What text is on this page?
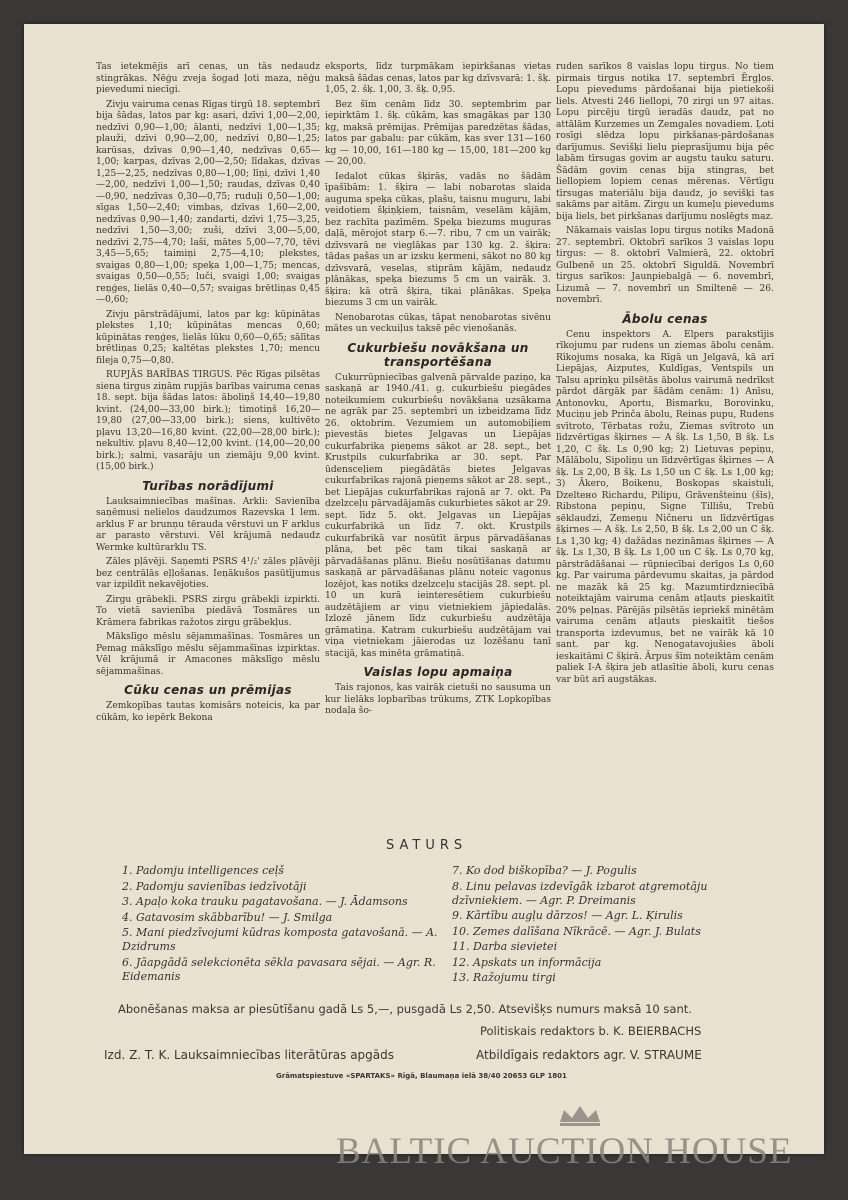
Tas ietekmējis arī cenas, un tās nedaudz stingrākas. Nēģu zveja šogad ļoti maza, nēģu pievedumi niecīgi.

Zivju vairuma cenas Rīgas tirgū 18. septembrī bija šādas, latos par kg: asari, dzīvi 1,00—2,00, nedzīvi 0,90—1,00; ālanti, nedzīvi 1,00—1,35; plauži, dzīvi 0,90—2,00, nedzīvi 0,80—1,25; karūsas, dzīvas 0,90—1,40, nedzīvas 0,65—1,00; karpas, dzīvas 2,00—2,50; līdakas, dzīvas 1,25—2,25, nedzīvas 0,80—1,00; līņi, dzīvi 1,40—2,00, nedzīvi 1,00—1,50; raudas, dzīvas 0,40—0,90, nedzīvas 0,30—0,75; ruduļi 0,50—1,00; sīgas 1,50—2,40; vimbas, dzīvas 1,60—2,00, nedzīvas 0,90—1,40; zandarti, dzīvi 1,75—3,25, nedzīvi 1,50—3,00; zuši, dzīvi 3,00—5,00, nedzīvi 2,75—4,70; laši, mātes 5,00—7,70, tēvi 3,45—5,65; taimiņi 2,75—4,10; plekstes, svaigas 0,80—1,00; speķa 1,00—1,75; mencas, svaigas 0,50—0,55; luči, svaigi 1,00; svaigas reņģes, lielās 0,40—0,57; svaigas brētliņas 0,45—0,60;

Zivju pārstrādājumi, latos par kg: kūpinātas plekstes 1,10; kūpinātas mencas 0,60; kūpinātas reņģes, lielās lūku 0,60—0,65; sālītas brētliņas 0,25; kaltētas plekstes 1,70; mencu fileja 0,75—0,80.

RUPJĀS BARĪBAS TIRGUS. Pēc Rīgas pilsētas siena tirgus ziņām rupjās barības vairuma cenas 18. sept. bija šādas latos: āboliņš 14,40—19,80 kvint. (24,00—33,00 birk.); timotiņš 16,20—19,80 (27,00—33,00 birk.); siens, kultivēto pļavu 13,20—16,80 kvint. (22,00—28,00 birk.); nekultiv. pļavu 8,40—12,00 kvint. (14,00—20,00 birk.); salmi, vasarāju un ziemāju 9,00 kvint. (15,00 birk.)

Turības norādījumi

Lauksaimniecības mašīnas. Arkli: Savienība saņēmusi nelielos daudzumos Razevska 1 lem. arklus F ar brunņu tērauda vērstuvi un F arklus ar parasto vērstuvi. Vēl krājumā nedaudz Wermke kultūrarklu TS.

Zāles pļāvēji. Saņemti PSRS 4¹/₂' zāles pļāvēji bez centrālās eļļošanas. Ieņākušos pasūtījumus var izpildīt nekavējoties.

Zirgu grābekļi. PSRS zirgu grābekļi izpirkti. To vietā savienība piedāvā Tosmāres un Krāmera fabrikas ražotos zirgu grābekļus.

Mākslīgo mēslu sējammašīnas. Tosmāres un Pemag mākslīgo mēslu sējammašīnas izpirktas. Vēl krājumā ir Amacones mākslīgo mēslu sējammašīnas.

Cūku cenas un prēmijas

Zemkopības tautas komisārs noteicis, ka par cūkām, ko iepērk Bekona

eksports, līdz turpmākam iepirkšanas vietas maksā šādas cenas, latos par kg dzīvsvarā: 1. šķ. 1,05, 2. šķ. 1,00, 3. šķ. 0,95.

Bez šīm cenām līdz 30. septembrim par iepirktām 1. šķ. cūkām, kas smagākas par 130 kg, maksā prēmijas. Prēmijas paredzētas šādas, latos par gabalu: par cūkām, kas sver 131—160 kg — 10,00, 161—180 kg — 15,00, 181—200 kg — 20,00.

Iedalot cūkas šķirās, vadās no šādām īpašībām: 1. šķira — labi nobarotas slaida auguma speķa cūkas, plašu, taisnu muguru, labi veidotiem šķiņķiem, taisnām, veselām kājām, bez rachīta pazīmēm. Speķa biezums muguras daļā, mērojot starp 6.—7. ribu, 7 cm un vairāk; dzīvsvarā ne vieglākas par 130 kg. 2. šķira: tādas pašas un ar izsku ķermeni, sākot no 80 kg dzīvsvarā, veselas, stiprām kājām, nedaudz plānākas, speķa biezums 5 cm un vairāk. 3. šķira: kā otrā šķira, tikai plānākas. Speķa biezums 3 cm un vairāk.

Nenobarotas cūkas, tāpat nenobarotas sivēnu mātes un veckuiļus taksē pēc vienošanās.

Cukurbiešu novākšana un transportēšana

Cukurrūpniecības galvenā pārvalde paziņo, ka saskaņā ar 1940./41. g. cukurbiešu piegādes noteikumiem cukurbiešu novākšana uzsākama ne agrāk par 25. septembri un izbeidzama līdz 26. oktobrim. Vezumiem un automobiļiem pievestās bietes Jelgavas un Liepājas cukurfabrika pieņems sākot ar 28. sept., bet Krustpils cukurfabrika ar 30. sept. Par ūdensceļiem piegādātās bietes Jelgavas cukurfabrikas rajonā pieņems sākot ar 28. sept., bet Liepājas cukurfabrikas rajonā ar 7. okt. Pa dzelzceļu pārvadājamās cukurbietes sākot ar 29. sept. līdz 5. okt. Jelgavas un Liepājas cukurfabrikā un līdz 7. okt. Krustpils cukurfabrikā var nosūtīt ārpus pārvadāšanas plāna, bet pēc tam tikai saskaņā ar pārvadāšanas plānu. Biešu nosūtīšanas datumu saskaņā ar pārvadāšanas plānu noteic vagonus lozējot, kas notiks dzelzceļu stacijās 28. sept. pl. 10 un kurā ieinteresētiem cukurbiešu audzētājiem ar viņu vietniekiem jāpiedalās. Izlozē jānem līdz cukurbiešu audzētāja grāmatiņa. Katram cukurbiešu audzētājam vai viņa vietniekam jāierodas uz lozēšanu tanī stacijā, kas minēta grāmatiņā.

Vaislas lopu apmaiņa

Tais rajonos, kas vairāk cietuši no sausuma un kur lielāks lopbarības trūkums, ZTK Lopkopības nodaļa šo-

ruden sarīkos 8 vaislas lopu tirgus. No tiem pirmais tirgus notika 17. septembrī Ērgļos. Lopu pievedums pārdošanai bija pietiekoši liels. Atvesti 246 liellopi, 70 zirgi un 97 aitas. Lopu pircēju tirgū ieradās daudz, pat no attālām Kurzemes un Zemgales novadiem. Ļoti rosīgi slēdza lopu pirkšanas-pārdošanas darījumus. Sevišķi lielu pieprasījumu bija pēc labām tīrsugas govim ar augstu tauku saturu. Šādām govim cenas bija stingras, bet liellopiem lopiem cenas mērenas. Vērtīgu tīrsugas materiālu bija daudz, jo sevišķi tas sakāms par aitām. Zirgu un kumeļu pievedums bija liels, bet pirkšanas darījumu noslēgts maz.

Nākamais vaislas lopu tirgus notiks Madonā 27. septembrī. Oktobrī sarīkos 3 vaislas lopu tirgus: — 8. oktobrī Valmierā, 22. oktobrī Gulbenē un 25. oktobrī Siguldā. Novembrī tirgus sarīkos: Jaunpiebalgā — 6. novembrī, Lizumā — 7. novembrī un Smiltenē — 26. novembrī.

Ābolu cenas

Cenu inspektors A. Elpers parakstījis rīkojumu par rudens un ziemas ābolu cenām. Rīkojums nosaka, ka Rīgā un Jelgavā, kā arī Liepājas, Aizputes, Kuldīgas, Ventspils un Talsu apriņķu pilsētās ābolus vairumā nedrīkst pārdot dārgāk par šādām cenām: 1) Anīsu, Antonovku, Aportu, Bismarku, Borovinku, Muciņu jeb Prinča ābolu, Reinas pupu, Rudens svītroto, Tērbatas rožu, Ziemas svītroto un līdzvērtīgas šķirnes — A šķ. Ls 1,50, B šķ. Ls 1,20, C šķ. Ls 0,90 kg; 2) Lietuvas pepiņu, Mālābolu, Sipoliņu un līdzvērtīgas šķirnes — A šķ. Ls 2,00, B šķ. Ls 1,50 un C šķ. Ls 1,00 kg; 3) Ākero, Boikenu, Boskopas skaistuli, Dzeltено Richardu, Pilipu, Grāvenšteinu (šīs), Ribstona pepiņu, Signe Tillišu, Trebū sēklaudzi, Zemeņu Ničneru un līdzvērtīgas šķirnes — A šķ. Ls 2,50, B šķ. Ls 2,00 un C šķ. Ls 1,30 kg; 4) dažādas nezināmas šķirnes — A šķ. Ls 1,30, B šķ. Ls 1,00 un C šķ. Ls 0,70 kg, pārstrādāšanai — rūpniecībai derīgos Ls 0,60 kg. Par vairuma pārdevumu skaitas, ja pārdod ne mazāk kā 25 kg. Mazumtirdzniecībā noteiktajām vairuma cenām atļauts pieskaitīt 20% peļņas. Pārējās pilsētās iepriekš minētām vairuma cenām atļauts pieskaitīt tiešos transporta izdevumus, bet ne vairāk kā 10 sant. par kg. Nenogatavojušies āboli ieskaitāmi C šķirā. Ārpus šīm noteiktām cenām paliek I-A šķira jeb atlasītie āboli, kuru cenas var būt arī augstākas.

SATURS
1. Padomju intelligences ceļš
2. Padomju savienības iedzīvotāji
3. Apaļo koka trauku pagatavošana. — J. Ādamsons
4. Gatavosim skābbarību! — J. Smilga
5. Mani piedzīvojumi kūdras komposta gatavošanā. — A. Dzidrums
6. Jāapgādā selekcionēta sēkla pavasara sējai. — Agr. R. Eidemanis
7. Ko dod biškopība? — J. Pogulis
8. Linu pelavas izdevīgāk izbarot atgremotāju dzīvniekiem. — Agr. P. Dreimanis
9. Kārtību augļu dārzos! — Agr. L. Ķirulis
10. Zemes dalīšana Nīkrācē. — Agr. J. Bulats
11. Darba sievietei
12. Apskats un informācija
13. Ražojumu tirgi
Abonēšanas maksa ar piesūtīšanu gadā Ls 5,—, pusgadā Ls 2,50. Atsevišķs numurs maksā 10 sant.
Politiskais redaktors b. K. BEIERBACHS
Izd. Z. T. K. Lauksaimniecības literātūras apgāds	Atbildīgais redaktors agr. V. STRAUME
Grāmatspiestuve «SPARTAKS» Rīgā, Blaumaņa ielā 38/40 20653 GLP 1801
BALTIC AUCTION HOUSE
